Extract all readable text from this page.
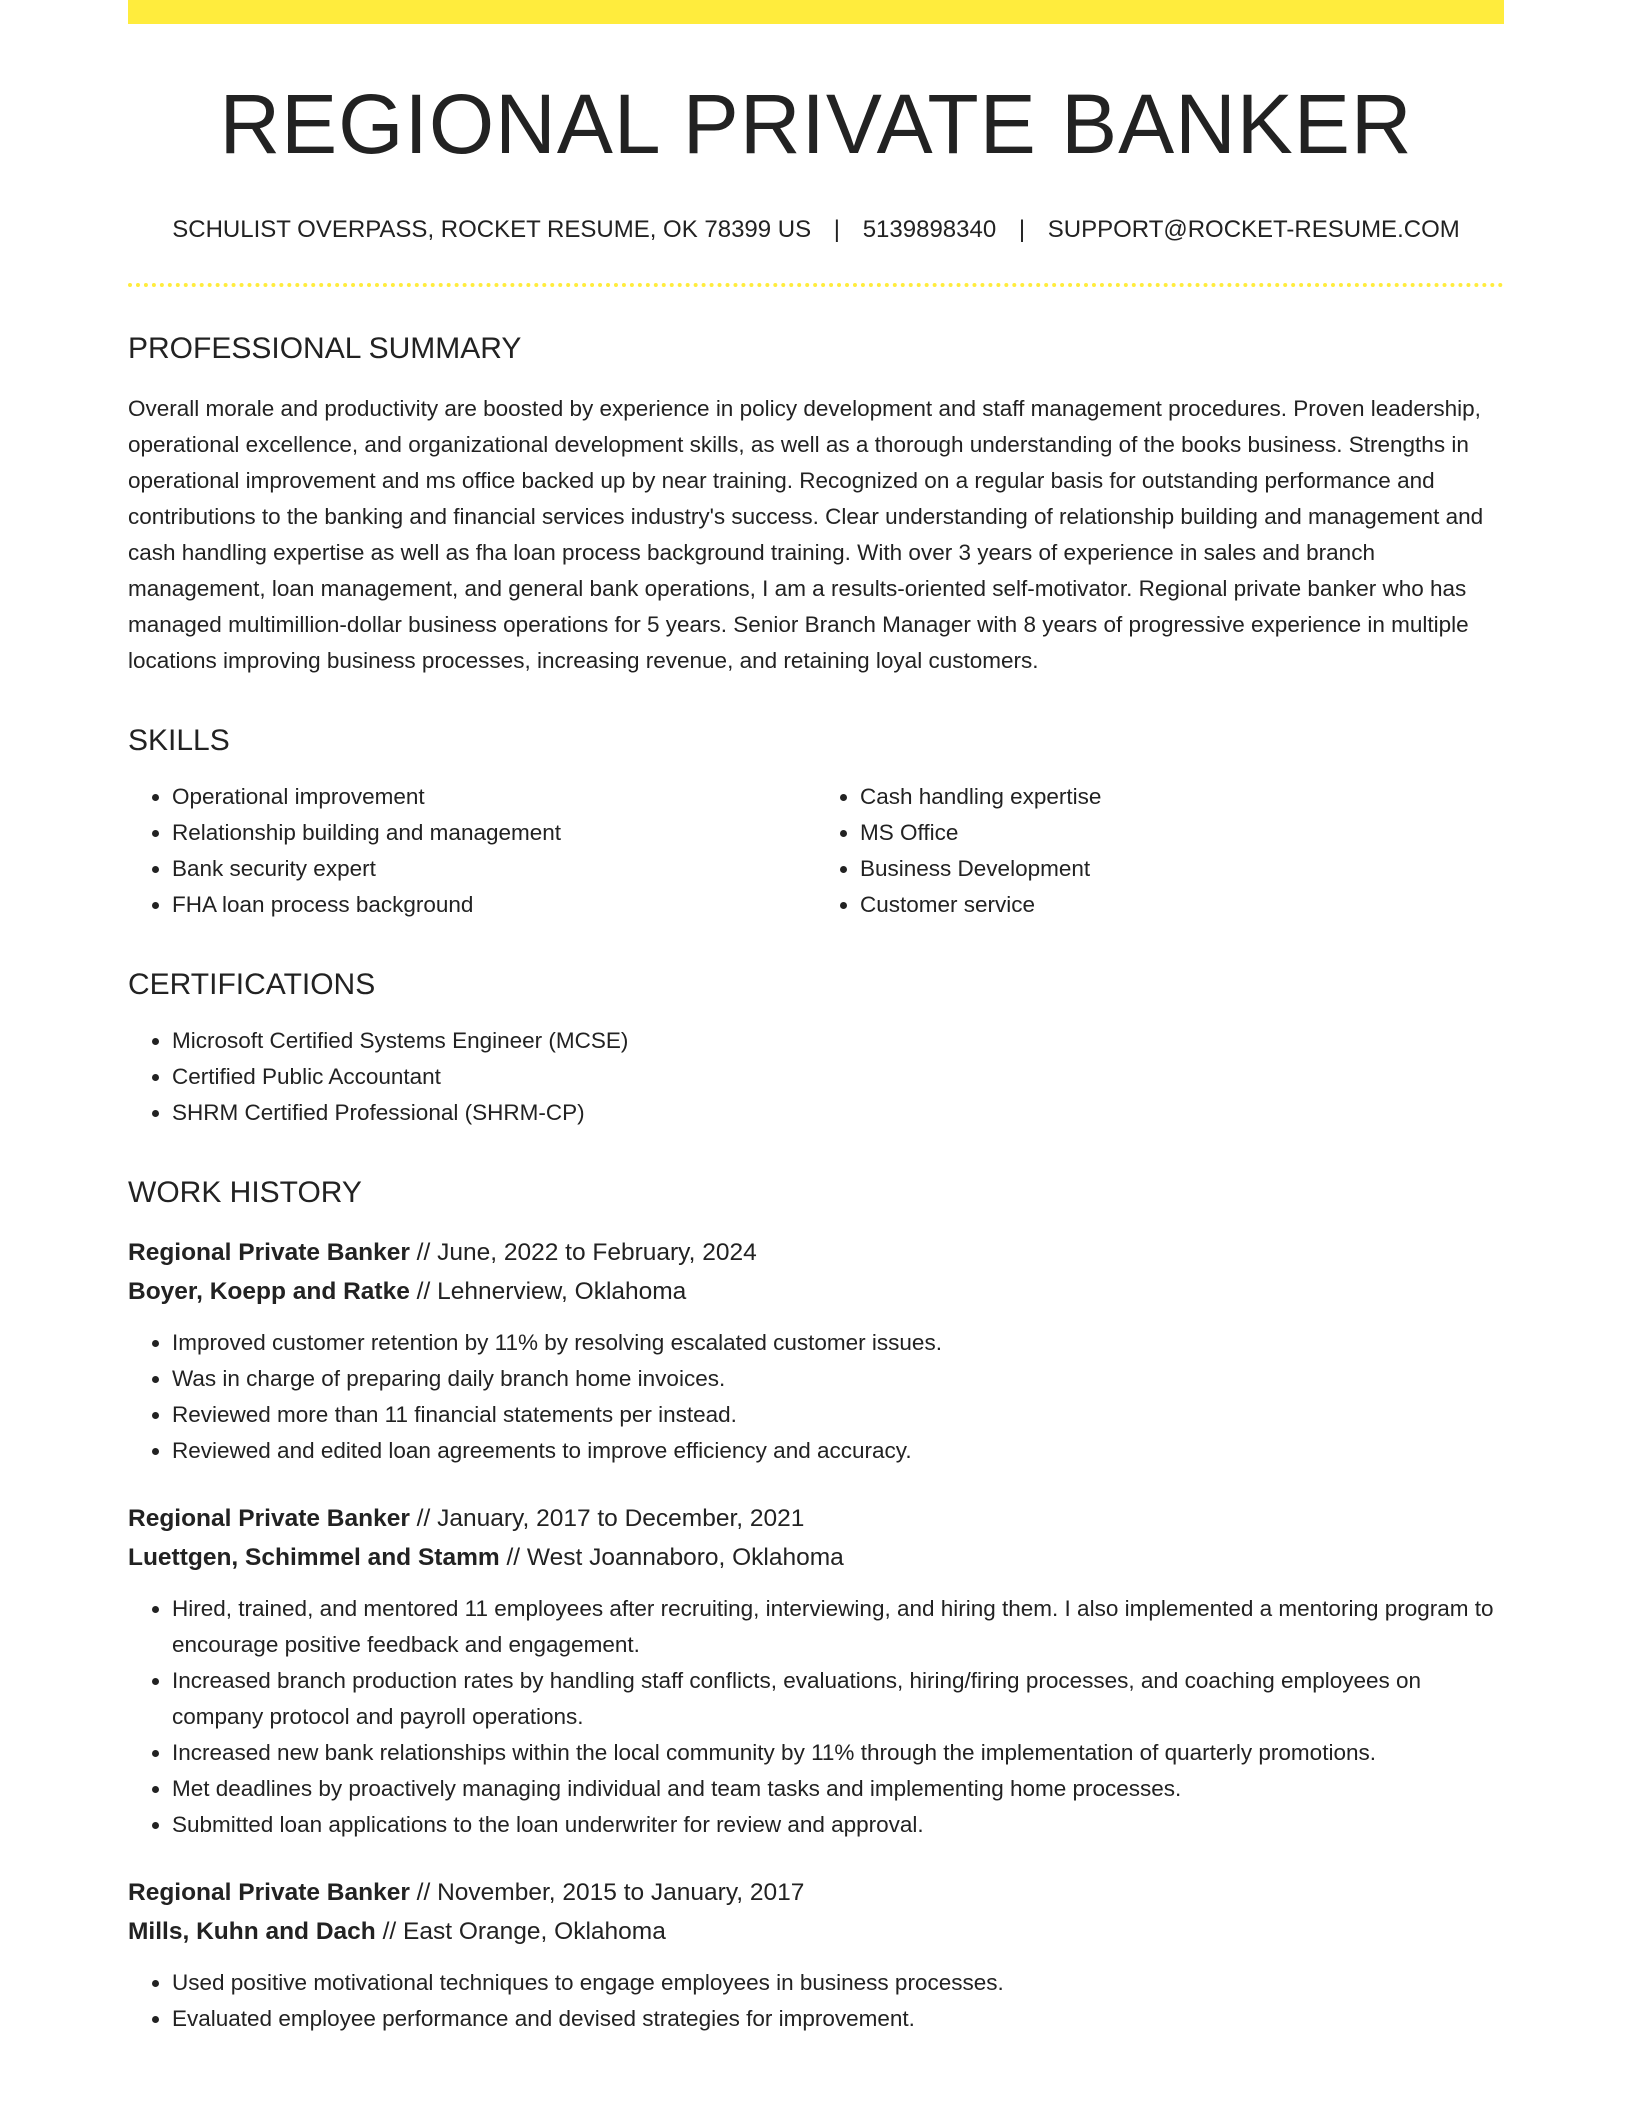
REGIONAL PRIVATE BANKER
SCHULIST OVERPASS, ROCKET RESUME, OK 78399 US | 5139898340 | SUPPORT@ROCKET-RESUME.COM
PROFESSIONAL SUMMARY
Overall morale and productivity are boosted by experience in policy development and staff management procedures. Proven leadership, operational excellence, and organizational development skills, as well as a thorough understanding of the books business. Strengths in operational improvement and ms office backed up by near training. Recognized on a regular basis for outstanding performance and contributions to the banking and financial services industry's success. Clear understanding of relationship building and management and cash handling expertise as well as fha loan process background training. With over 3 years of experience in sales and branch management, loan management, and general bank operations, I am a results-oriented self-motivator. Regional private banker who has managed multimillion-dollar business operations for 5 years. Senior Branch Manager with 8 years of progressive experience in multiple locations improving business processes, increasing revenue, and retaining loyal customers.
SKILLS
• Operational improvement
• Relationship building and management
• Bank security expert
• FHA loan process background
• Cash handling expertise
• MS Office
• Business Development
• Customer service
CERTIFICATIONS
• Microsoft Certified Systems Engineer (MCSE)
• Certified Public Accountant
• SHRM Certified Professional (SHRM-CP)
WORK HISTORY
Regional Private Banker // June, 2022 to February, 2024
Boyer, Koepp and Ratke // Lehnerview, Oklahoma
• Improved customer retention by 11% by resolving escalated customer issues.
• Was in charge of preparing daily branch home invoices.
• Reviewed more than 11 financial statements per instead.
• Reviewed and edited loan agreements to improve efficiency and accuracy.
Regional Private Banker // January, 2017 to December, 2021
Luettgen, Schimmel and Stamm // West Joannaboro, Oklahoma
• Hired, trained, and mentored 11 employees after recruiting, interviewing, and hiring them. I also implemented a mentoring program to encourage positive feedback and engagement.
• Increased branch production rates by handling staff conflicts, evaluations, hiring/firing processes, and coaching employees on company protocol and payroll operations.
• Increased new bank relationships within the local community by 11% through the implementation of quarterly promotions.
• Met deadlines by proactively managing individual and team tasks and implementing home processes.
• Submitted loan applications to the loan underwriter for review and approval.
Regional Private Banker // November, 2015 to January, 2017
Mills, Kuhn and Dach // East Orange, Oklahoma
• Used positive motivational techniques to engage employees in business processes.
• Evaluated employee performance and devised strategies for improvement.
